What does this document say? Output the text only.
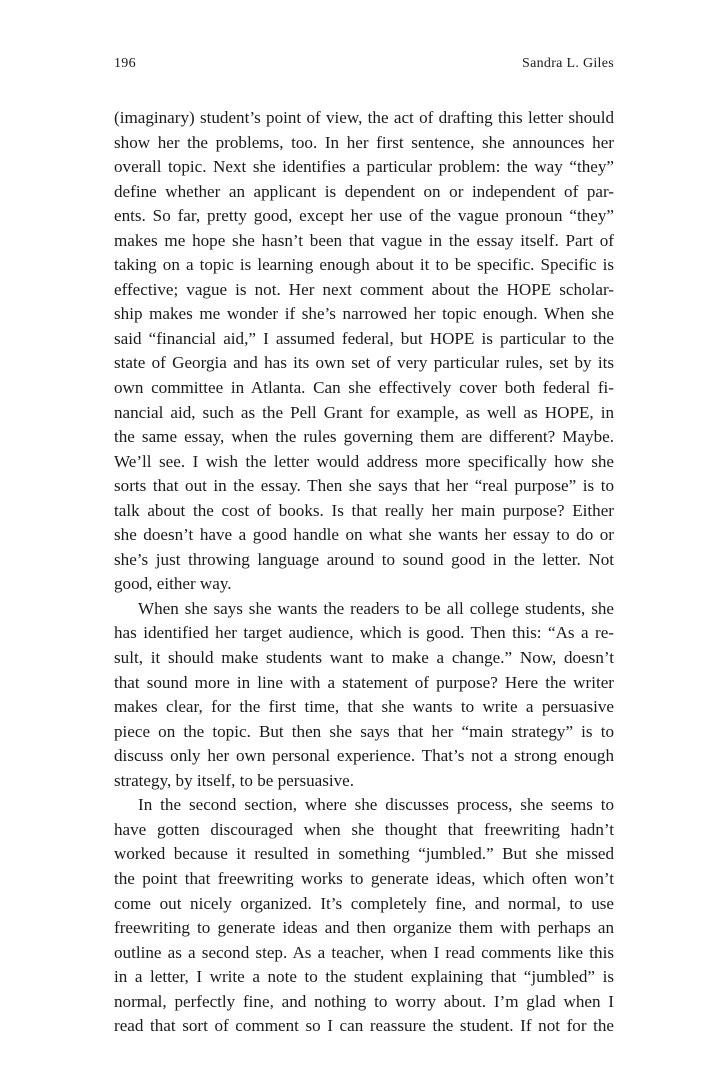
196	Sandra L. Giles

(imaginary) student’s point of view, the act of drafting this letter should
show her the problems, too. In her first sentence, she announces her
overall topic. Next she identifies a particular problem: the way “they”
define whether an applicant is dependent on or independent of par-
ents. So far, pretty good, except her use of the vague pronoun “they”
makes me hope she hasn’t been that vague in the essay itself. Part of
taking on a topic is learning enough about it to be specific. Specific is
effective; vague is not. Her next comment about the HOPE scholar-
ship makes me wonder if she’s narrowed her topic enough. When she
said “financial aid,” I assumed federal, but HOPE is particular to the
state of Georgia and has its own set of very particular rules, set by its
own committee in Atlanta. Can she effectively cover both federal fi-
nancial aid, such as the Pell Grant for example, as well as HOPE, in
the same essay, when the rules governing them are different? Maybe.
We’ll see. I wish the letter would address more specifically how she
sorts that out in the essay. Then she says that her “real purpose” is to
talk about the cost of books. Is that really her main purpose? Either
she doesn’t have a good handle on what she wants her essay to do or
she’s just throwing language around to sound good in the letter. Not
good, either way.

When she says she wants the readers to be all college students, she
has identified her target audience, which is good. Then this: “As a re-
sult, it should make students want to make a change.” Now, doesn’t
that sound more in line with a statement of purpose? Here the writer
makes clear, for the first time, that she wants to write a persuasive
piece on the topic. But then she says that her “main strategy” is to
discuss only her own personal experience. That’s not a strong enough
strategy, by itself, to be persuasive.

In the second section, where she discusses process, she seems to
have gotten discouraged when she thought that freewriting hadn’t
worked because it resulted in something “jumbled.” But she missed
the point that freewriting works to generate ideas, which often won’t
come out nicely organized. It’s completely fine, and normal, to use
freewriting to generate ideas and then organize them with perhaps an
outline as a second step. As a teacher, when I read comments like this
in a letter, I write a note to the student explaining that “jumbled” is
normal, perfectly fine, and nothing to worry about. I’m glad when I
read that sort of comment so I can reassure the student. If not for the
